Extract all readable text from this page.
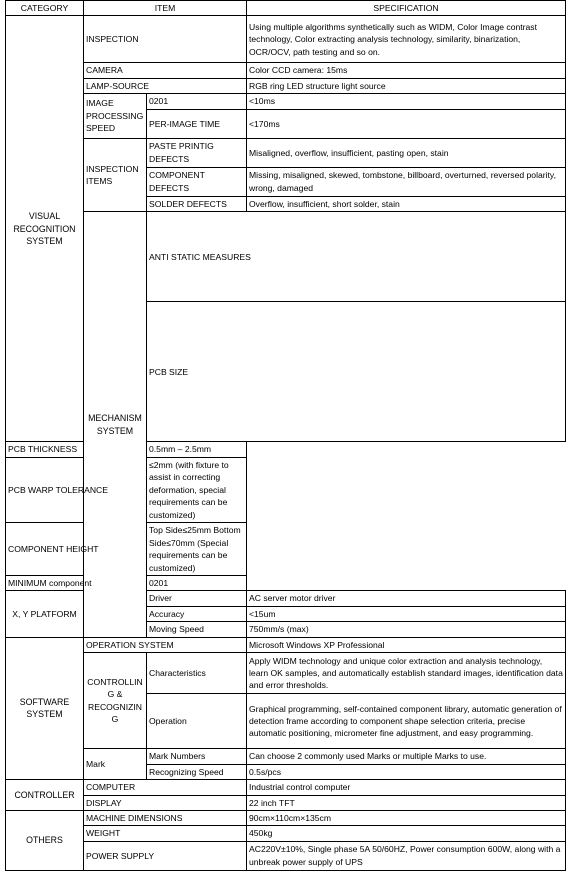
CATEGORY	ITEM		SPECIFICATION	
VISUAL RECOGNITION SYSTEM	INSPECTION		Using multiple algorithms synthetically such as WIDM, Color Image contrast technology, Color extracting analysis technology, similarity, binarization, OCR/OCV, path testing and so on.	
	CAMERA		Color CCD camera: 15ms	
	LAMP-SOURCE		RGB ring LED structure light source	
	IMAGE PROCESSING SPEED	0201	<10ms	
		PER-IMAGE TIME	<170ms	
	INSPECTION ITEMS	PASTE PRINTIG DEFECTS	Misaligned, overflow, insufficient, pasting open, stain	
		COMPONENT DEFECTS	Missing, misaligned, skewed, tombstone, billboard, overturned, reversed polarity, wrong, damaged	
		SOLDER DEFECTS	Overflow, insufficient, short solder, stain	
	MECHANISM SYSTEM	ANTI STATIC MEASURES	
		PCB SIZE	
PCB THICKNESS		0.5mm – 2.5mm		
PCB WARP TOLERANCE		≤2mm (with fixture to assist in correcting deformation, special requirements can be customized)		
COMPONENT HEIGHT		Top Side≤25mm Bottom Side≤70mm (Special requirements can be customized)		
MINIMUM component		0201		
X, Y PLATFORM		Driver	AC server motor driver	
		Accuracy	<15um	
		Moving Speed	750mm/s (max)	
SOFTWARE SYSTEM	OPERATION SYSTEM		Microsoft Windows XP Professional	
	CONTROLLIN G & RECOGNIZIN G	Characteristics	Apply WIDM technology and unique color extraction and analysis technology, learn OK samples, and automatically establish standard images, identification data and error thresholds.	
		Operation	Graphical programming, self-contained component library, automatic generation of detection frame according to component shape selection criteria, precise automatic positioning, micrometer fine adjustment, and easy programming.	
	Mark	Mark Numbers	Can choose 2 commonly used Marks or multiple Marks to use.	
		Recognizing Speed	0.5s/pcs	
CONTROLLER	COMPUTER		Industrial control computer	
	DISPLAY		22 inch TFT	
OTHERS	MACHINE DIMENSIONS		90cm×110cm×135cm	
	WEIGHT		450kg	
	POWER SUPPLY		AC220V±10%, Single phase 5A 50/60HZ, Power consumption 600W, along with a unbreak power supply of UPS	
